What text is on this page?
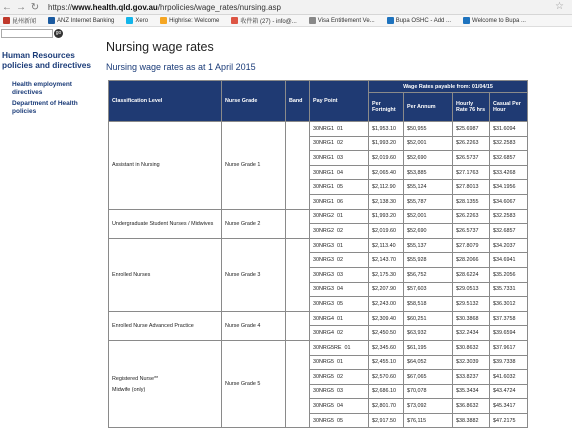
← → ↻	https://www.health.qld.gov.au/hrpolicies/wage_rates/nursing.asp	☆
昆州新闻	ANZ Internet Banking	Xero	Highrise: Welcome	收件箱 (27) - info@...	Visa Entitlement Ve...	Bupa OSHC - Add ...	Welcome to Bupa ...
go
Human Resources policies and directives
Health employment directives
Department of Health policies
Nursing wage rates
Nursing wage rates as at 1 April 2015
Classification Level	Nurse Grade	Band	Pay Point	Wage Rates payable from: 01/04/15			
				Per Fortnight	Per Annum	Hourly Rate 76 hrs	Casual Per Hour

Assistant in Nursing	Nurse Grade 1		30NRG1  01	$1,953.10	$50,955	$25.6987	$31.6094
			30NRG1  02	$1,993.20	$52,001	$26.2263	$32.2583
			30NRG1  03	$2,019.60	$52,690	$26.5737	$32.6857
			30NRG1  04	$2,065.40	$53,885	$27.1763	$33.4268
			30NRG1  05	$2,112.90	$55,124	$27.8013	$34.1956
			30NRG1  06	$2,138.30	$55,787	$28.1355	$34.6067

Undergraduate Student Nurses / Midwives	Nurse Grade 2		30NRG2  01	$1,993.20	$52,001	$26.2263	$32.2583
			30NRG2  02	$2,019.60	$52,690	$26.5737	$32.6857

Enrolled Nurses	Nurse Grade 3		30NRG3  01	$2,113.40	$55,137	$27.8079	$34.2037
			30NRG3  02	$2,143.70	$55,928	$28.2066	$34.6941
			30NRG3  03	$2,175.30	$56,752	$28.6224	$35.2056
			30NRG3  04	$2,207.90	$57,603	$29.0513	$35.7331
			30NRG3  05	$2,243.00	$58,518	$29.5132	$36.3012

Enrolled Nurse Advanced Practice	Nurse Grade 4		30NRG4  01	$2,309.40	$60,251	$30.3868	$37.3758
			30NRG4  02	$2,450.50	$63,932	$32.2434	$39.6594

Registered Nurse**
Midwife (only)	Nurse Grade 5		30NRG5RE  01	$2,345.60	$61,195	$30.8632	$37.9617
			30NRG5  01	$2,455.10	$64,052	$32.3039	$39.7338
			30NRG5  02	$2,570.60	$67,065	$33.8237	$41.6032
			30NRG5  03	$2,686.10	$70,078	$35.3434	$43.4724
			30NRG5  04	$2,801.70	$73,092	$36.8632	$45.3417
			30NRG5  05	$2,917.50	$76,115	$38.3882	$47.2175
